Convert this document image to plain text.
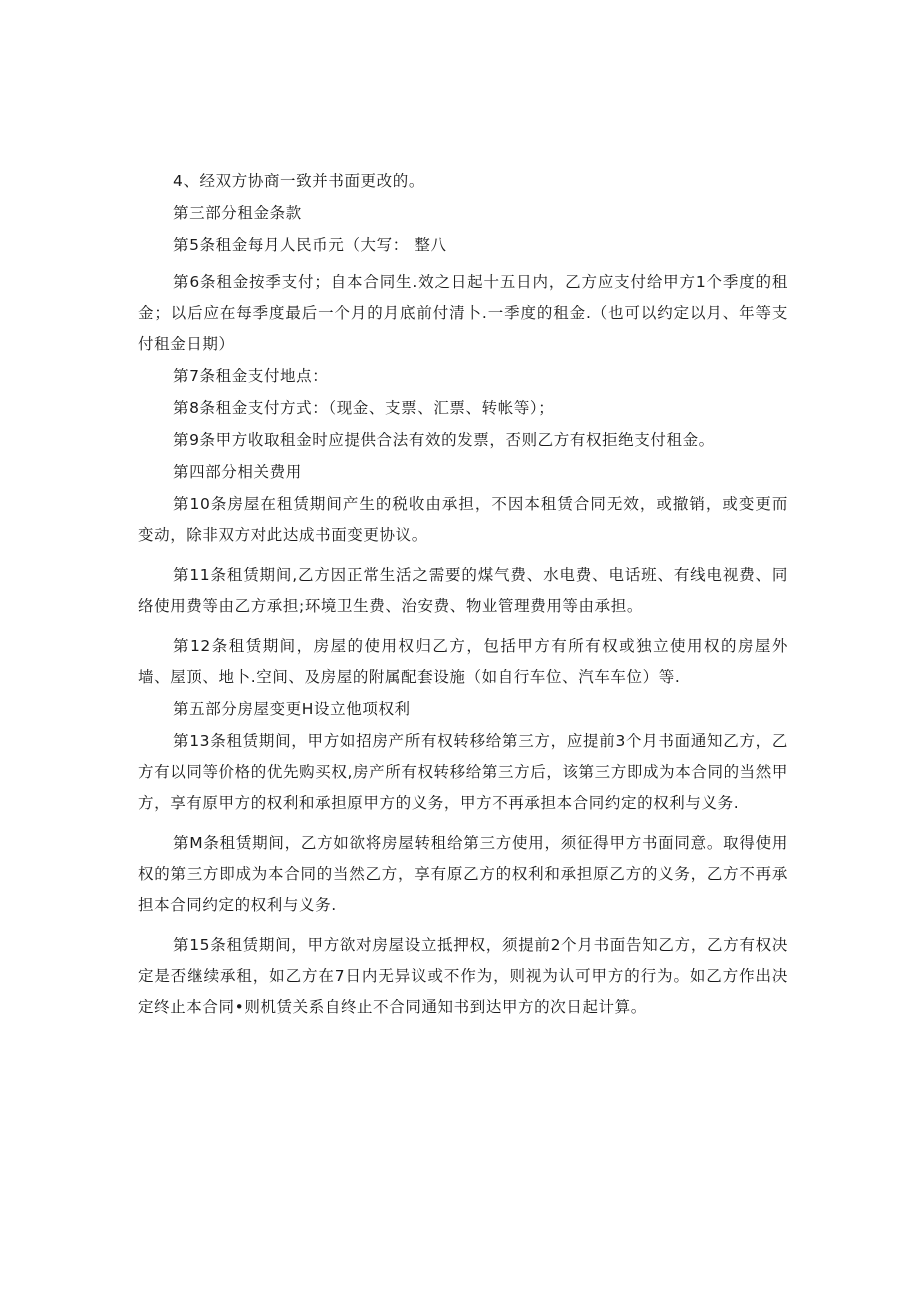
4、经双方协商一致并书面更改的。

第三部分租金条款

第5条租金每月人民币元（大写： 整八

第6条租金按季支付；自本合同生.效之日起十五日内，乙方应支付给甲方1个季度的租金；以后应在每季度最后一个月的月底前付清卜.一季度的租金.（也可以约定以月、年等支付租金日期）

第7条租金支付地点：

第8条租金支付方式：（现金、支票、汇票、转帐等）；

第9条甲方收取租金时应提供合法有效的发票，否则乙方有权拒绝支付租金。

第四部分相关费用

第10条房屋在租赁期间产生的税收由承担，不因本租赁合同无效，或撤销，或变更而变动，除非双方对此达成书面变更协议。

第11条租赁期间,乙方因正常生活之需要的煤气费、水电费、电话班、有线电视费、同络使用费等由乙方承担;环境卫生费、治安费、物业管理费用等由承担。

第12条租赁期间，房屋的使用权归乙方，包括甲方有所有权或独立使用权的房屋外墙、屋顶、地卜.空间、及房屋的附属配套设施（如自行车位、汽车车位）等.

第五部分房屋变更H设立他项权利

第13条租赁期间，甲方如招房产所有权转移给第三方，应提前3个月书面通知乙方，乙方有以同等价格的优先购买权,房产所有权转移给第三方后，该第三方即成为本合同的当然甲方，享有原甲方的权利和承担原甲方的义务，甲方不再承担本合同约定的权利与义务.

第M条租赁期间，乙方如欲将房屋转租给第三方使用，须征得甲方书面同意。取得使用权的第三方即成为本合同的当然乙方，享有原乙方的权利和承担原乙方的义务，乙方不再承担本合同约定的权利与义务.

第15条租赁期间，甲方欲对房屋设立抵押权，须提前2个月书面告知乙方，乙方有权决定是否继续承租，如乙方在7日内无异议或不作为，则视为认可甲方的行为。如乙方作出决定终止本合同•则机赁关系自终止不合同通知书到达甲方的次日起计算。
